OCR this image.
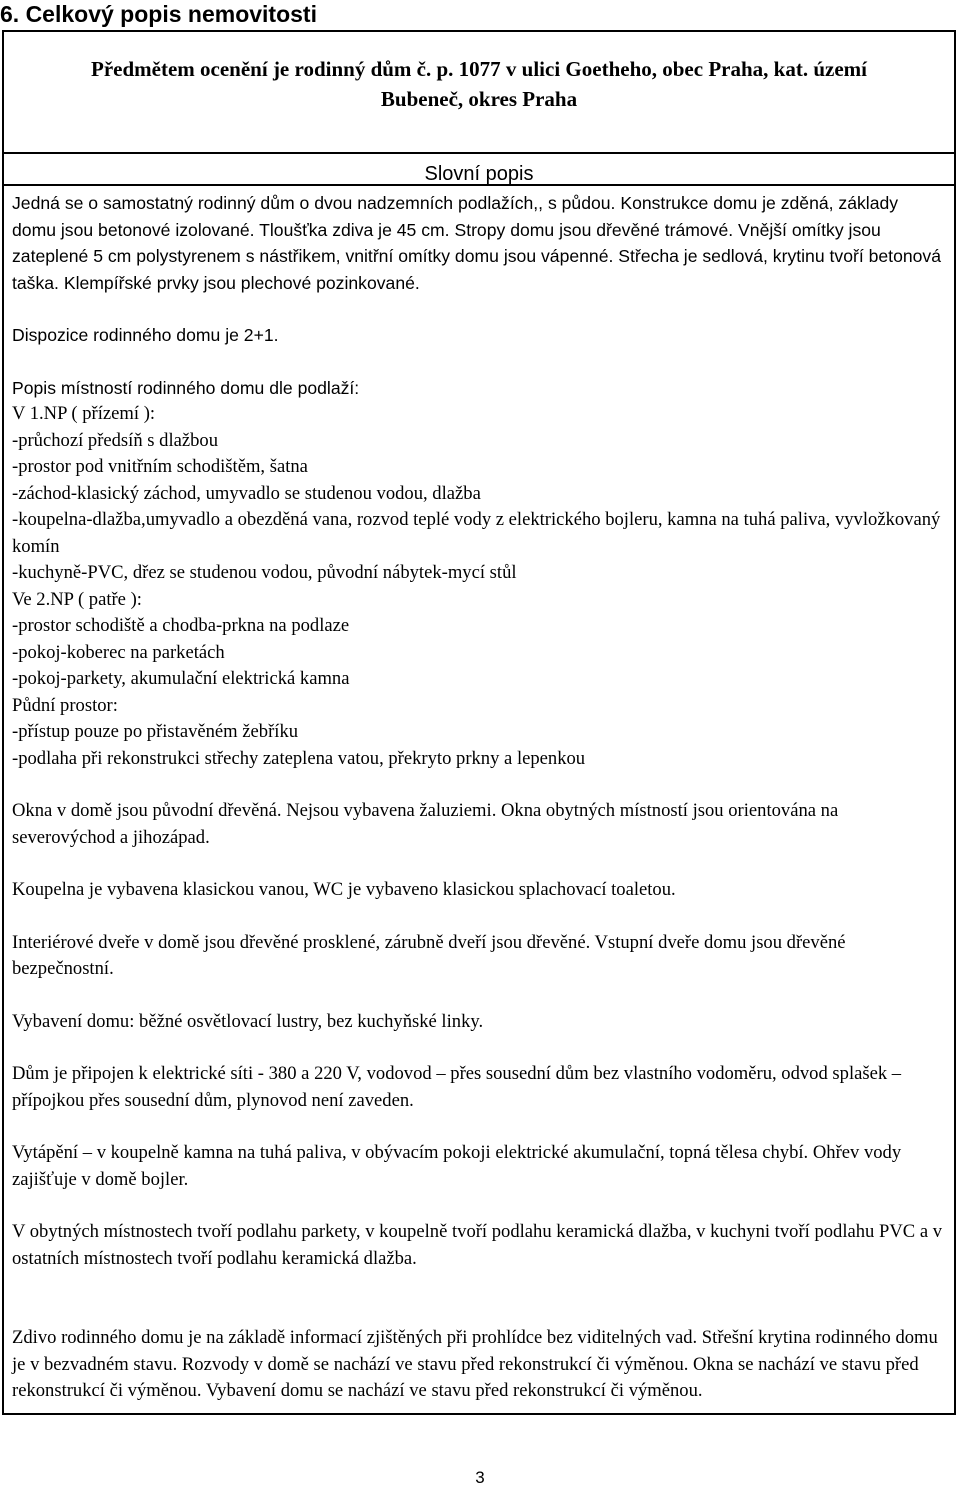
6. Celkový popis nemovitosti
Předmětem ocenění je rodinný dům č. p. 1077 v ulici Goetheho, obec Praha, kat. území
Bubeneč, okres Praha
Slovní popis

Jedná se o samostatný rodinný dům o dvou nadzemních podlažích,, s půdou. Konstrukce domu je zděná, základy domu jsou betonové izolované. Tloušťka zdiva je 45 cm. Stropy domu jsou dřevěné trámové. Vnější omítky jsou zateplené 5 cm polystyrenem s nástřikem, vnitřní omítky domu jsou vápenné. Střecha je sedlová, krytinu tvoří betonová taška. Klempířské prvky jsou plechové pozinkované.

Dispozice rodinného domu je 2+1.

Popis místností rodinného domu dle podlaží:

V 1.NP ( přízemí ):

-průchozí předsíň s dlažbou

-prostor pod vnitřním schodištěm, šatna

-záchod-klasický záchod, umyvadlo se studenou vodou, dlažba

-koupelna-dlažba,umyvadlo a obezděná vana, rozvod teplé vody z elektrického bojleru, kamna na tuhá paliva, vyvložkovaný komín

-kuchyně-PVC, dřez se studenou vodou, původní nábytek-mycí stůl

Ve 2.NP ( patře ):

-prostor schodiště a chodba-prkna na podlaze

-pokoj-koberec na parketách

-pokoj-parkety, akumulační elektrická kamna

Půdní prostor:

-přístup pouze po přistavěném žebříku

-podlaha při rekonstrukci střechy zateplena vatou, překryto prkny a lepenkou

Okna v domě jsou původní dřevěná. Nejsou vybavena žaluziemi. Okna obytných místností jsou orientována na severovýchod a jihozápad.

Koupelna je vybavena klasickou vanou, WC je vybaveno klasickou splachovací toaletou.

Interiérové dveře v domě jsou dřevěné prosklené, zárubně dveří jsou dřevěné. Vstupní dveře domu jsou dřevěné bezpečnostní.

Vybavení domu: běžné osvětlovací lustry, bez kuchyňské linky.

Dům je připojen k elektrické síti - 380 a 220 V, vodovod – přes sousední dům bez vlastního vodoměru, odvod splašek – přípojkou přes sousední dům, plynovod není zaveden.

Vytápění – v koupelně kamna na tuhá paliva, v obývacím pokoji elektrické akumulační, topná tělesa chybí. Ohřev vody zajišťuje v domě bojler.

V obytných místnostech tvoří podlahu parkety, v koupelně tvoří podlahu keramická dlažba, v kuchyni tvoří podlahu PVC a v ostatních místnostech tvoří podlahu keramická dlažba.

Zdivo rodinného domu je na základě informací zjištěných při prohlídce bez viditelných vad. Střešní krytina rodinného domu je v bezvadném stavu. Rozvody v domě se nachází ve stavu před rekonstrukcí či výměnou. Okna se nachází ve stavu před rekonstrukcí či výměnou. Vybavení domu se nachází ve stavu před rekonstrukcí či výměnou.

3
